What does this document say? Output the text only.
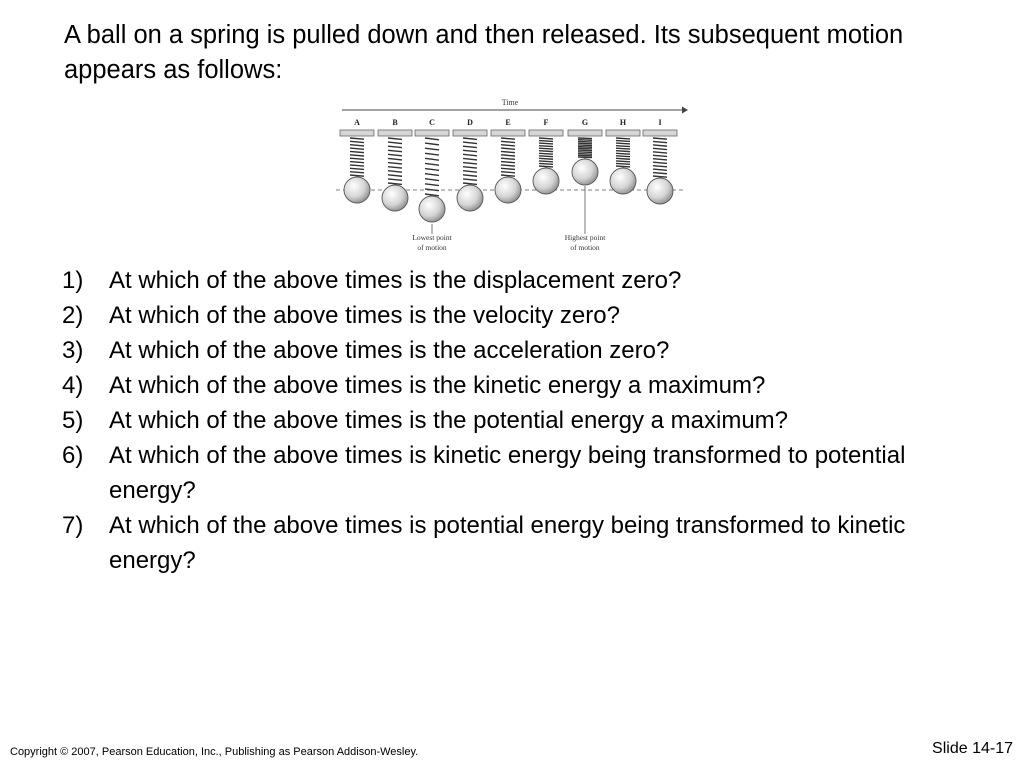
A ball on a spring is pulled down and then released. Its subsequent motion appears as follows:
Time
A	B	C	D	E	F	G	H	I
Lowest point
of motion
Highest point
of motion
1) At which of the above times is the displacement zero?
2) At which of the above times is the velocity zero?
3) At which of the above times is the acceleration zero?
4) At which of the above times is the kinetic energy a maximum?
5) At which of the above times is the potential energy a maximum?
6) At which of the above times is kinetic energy being transformed to potential energy?
7) At which of the above times is potential energy being transformed to kinetic energy?
Copyright © 2007, Pearson Education, Inc., Publishing as Pearson Addison-Wesley.	Slide 14-17
